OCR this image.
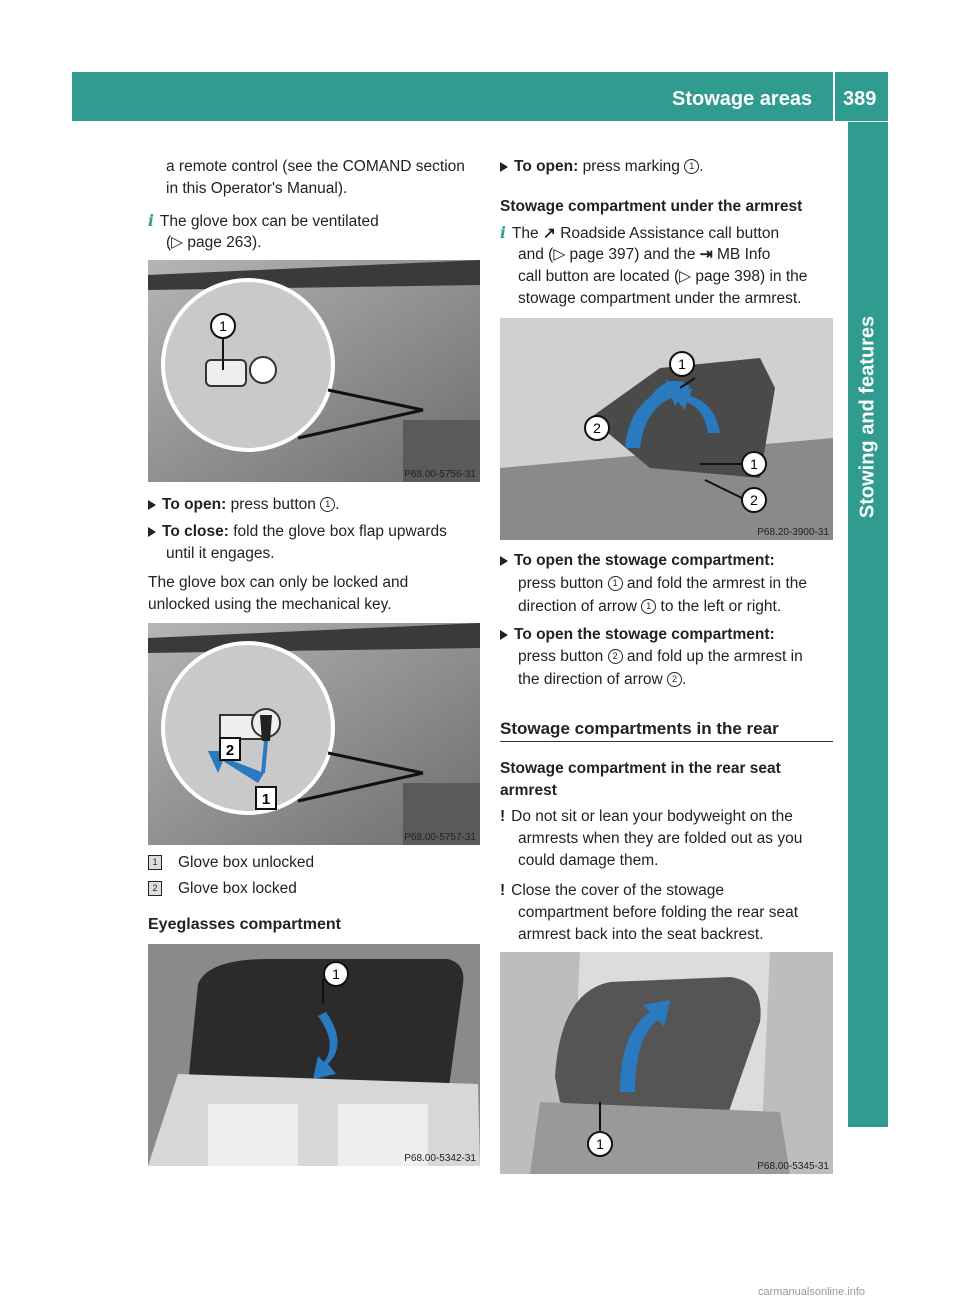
Stowage areas 389
Stowing and features
a remote control (see the COMAND section
in this Operator's Manual).
i The glove box can be ventilated
(▷ page 263).
1
P68.00-5756-31
To open: press button 1 .
To close: fold the glove box flap upwards
until it engages.
The glove box can only be locked and
unlocked using the mechanical key.
2
1
P68.00-5757-31
1 Glove box unlocked
2 Glove box locked
Eyeglasses compartment
1
P68.00-5342-31
To open: press marking 1 .
Stowage compartment under the armrest
i The ↗ Roadside Assistance call button
and (▷ page 397) and the ⇥ MB Info
call button are located (▷ page 398) in the
stowage compartment under the armrest.
1
2
1
2
P68.20-3900-31
To open the stowage compartment:
press button 1 and fold the armrest in the
direction of arrow 1 to the left or right.
To open the stowage compartment:
press button 2 and fold up the armrest in
the direction of arrow 2 .
Stowage compartments in the rear
Stowage compartment in the rear seat
armrest
! Do not sit or lean your bodyweight on the
armrests when they are folded out as you
could damage them.
! Close the cover of the stowage
compartment before folding the rear seat
armrest back into the seat backrest.
1
P68.00-5345-31
carmanualsonline.info
